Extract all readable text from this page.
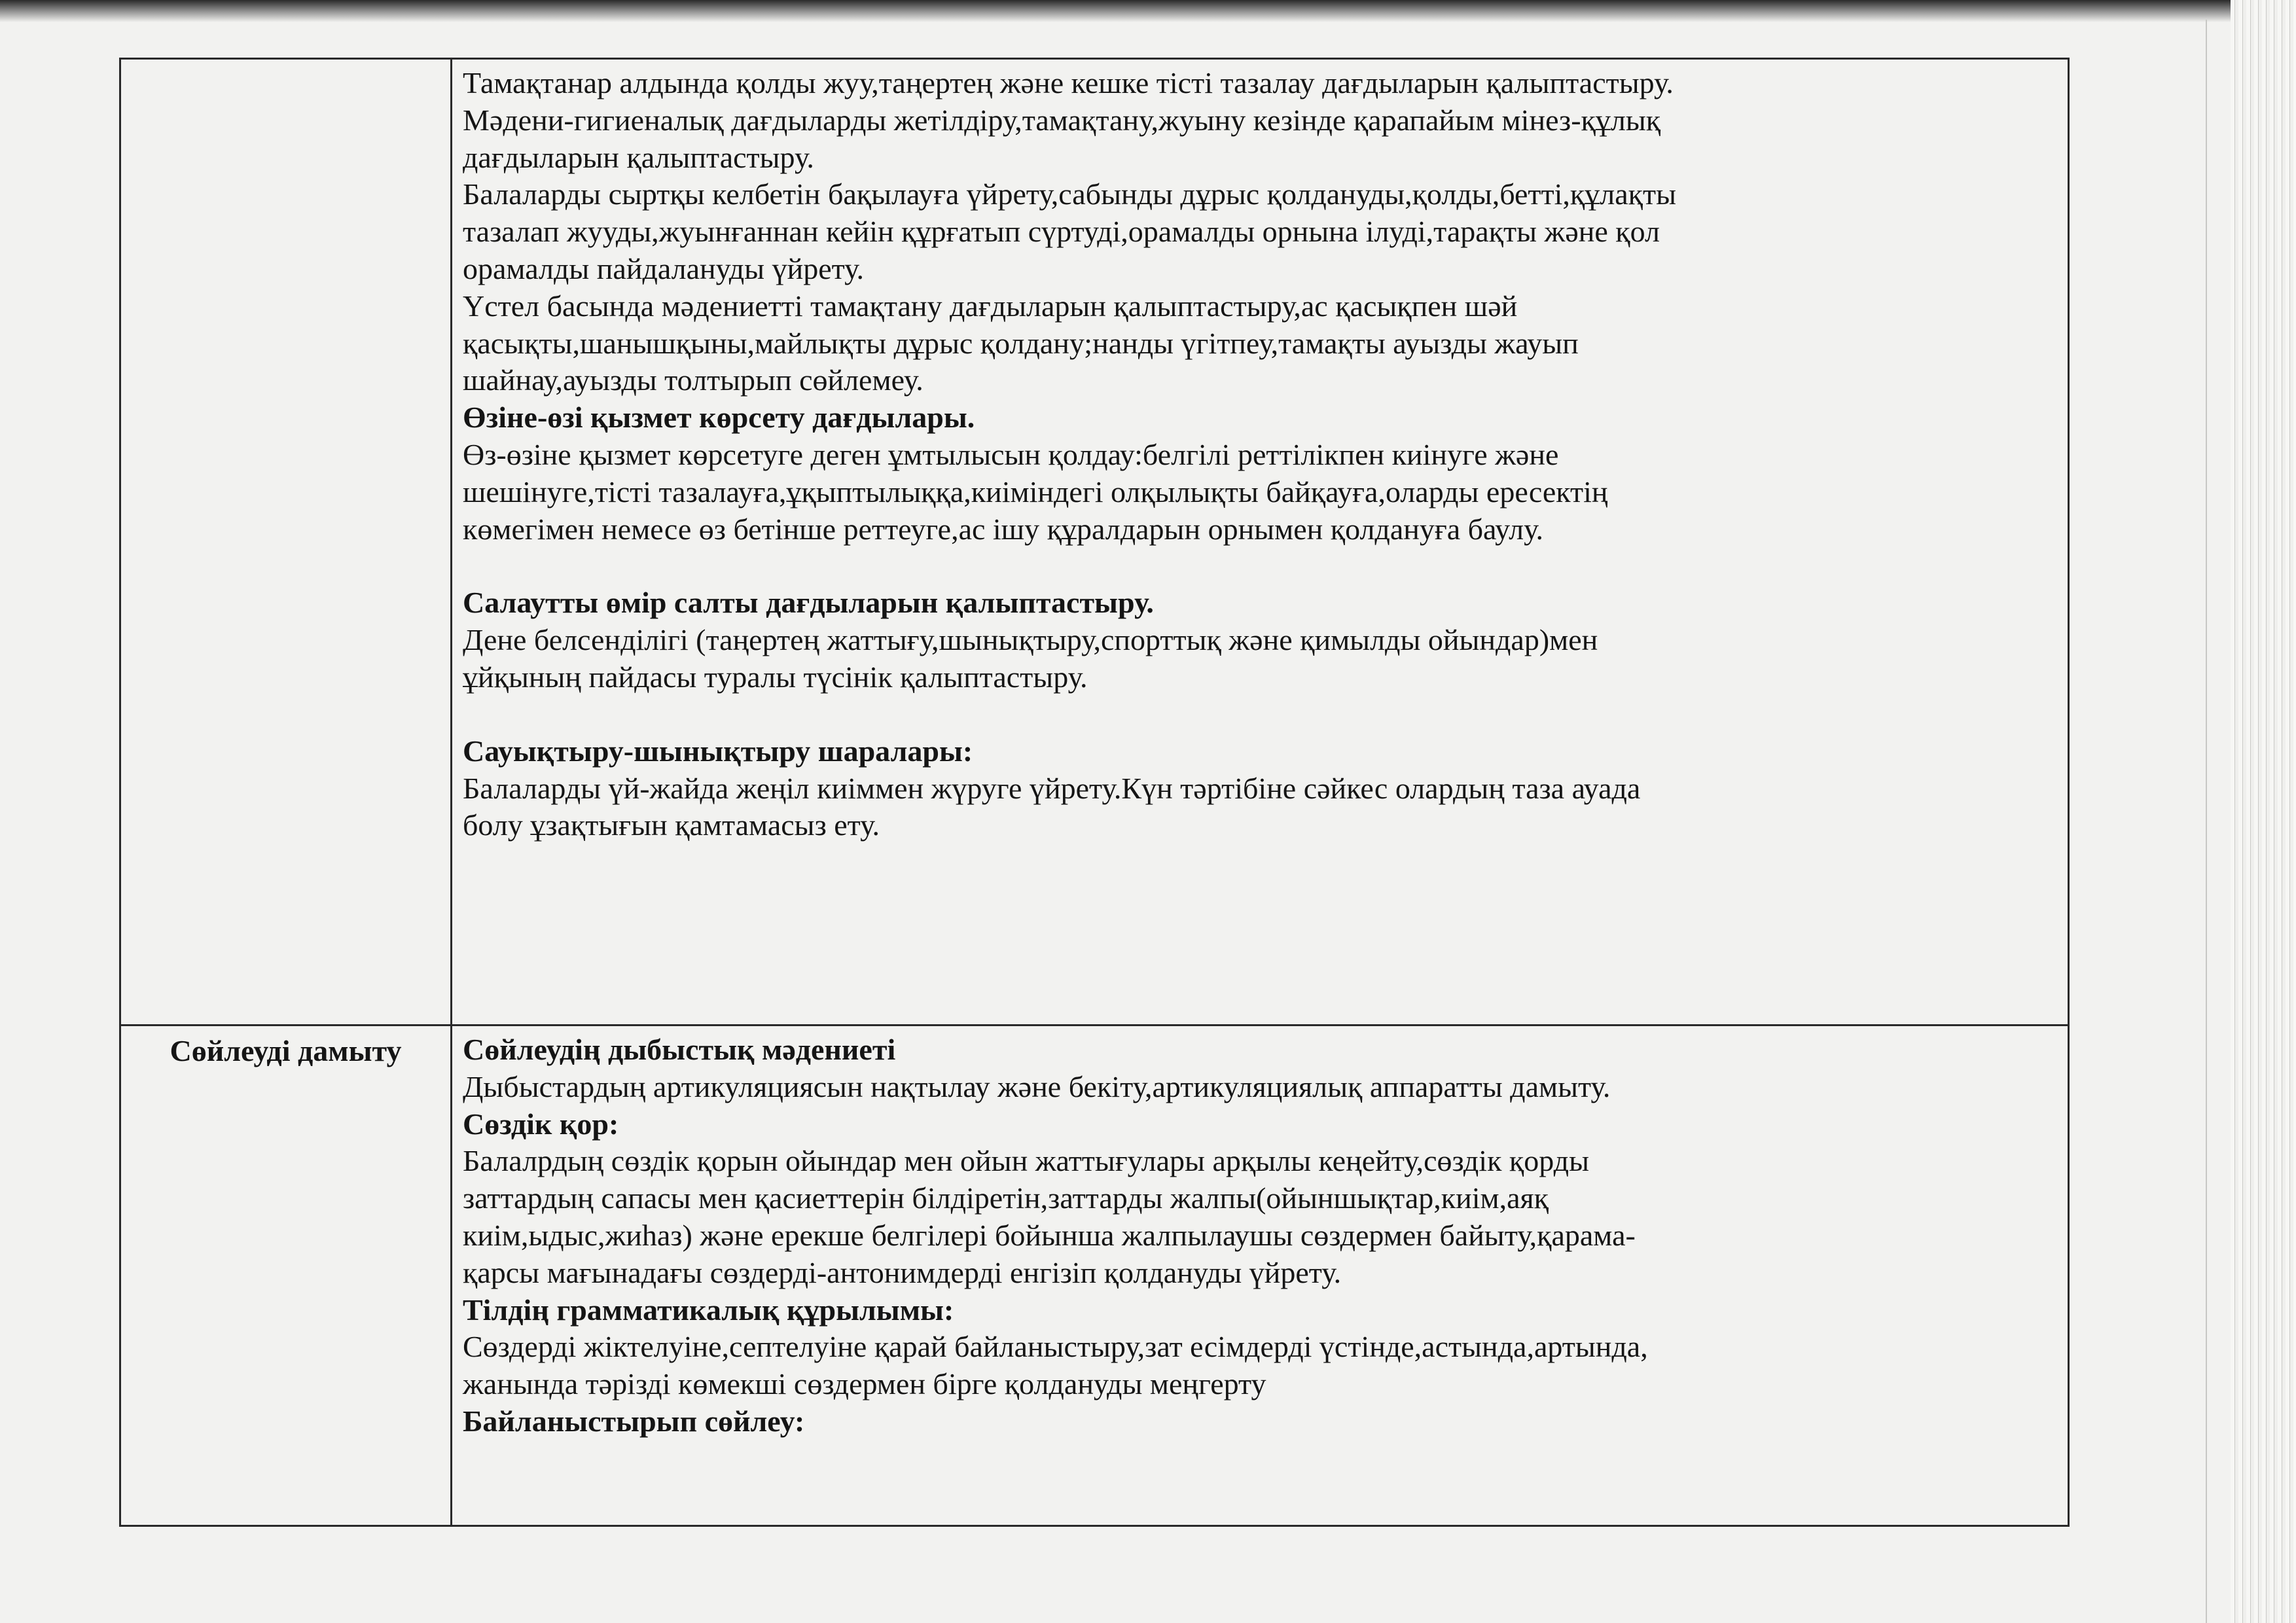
Тамақтанар алдында қолды жуу,таңертең және кешке тісті тазалау дағдыларын қалыптастыру.

Мәдени-гигиеналық дағдыларды жетілдіру,тамақтану,жуыну кезінде қарапайым мінез-құлық

дағдыларын қалыптастыру.

Балаларды сыртқы келбетін бақылауға үйрету,сабынды дұрыс қолдануды,қолды,бетті,құлақты

тазалап жууды,жуынғаннан кейін құрғатып сүртуді,орамалды орнына ілуді,тарақты және қол

орамалды пайдалануды үйрету.

Үстел басында мәдениетті тамақтану дағдыларын қалыптастыру,ас қасықпен шәй

қасықты,шанышқыны,майлықты дұрыс қолдану;нанды үгітпеу,тамақты ауызды жауып

шайнау,ауызды толтырып сөйлемеу.

Өзіне-өзі қызмет көрсету дағдылары.

Өз-өзіне қызмет көрсетуге деген ұмтылысын қолдау:белгілі реттілікпен киінуге және

шешінуге,тісті тазалауға,ұқыптылыққа,киіміндегі олқылықты байқауға,оларды ересектің

көмегімен немесе өз бетінше реттеуге,ас ішу құралдарын орнымен қолдануға баулу.

Салаутты өмір салты дағдыларын қалыптастыру.

Дене белсенділігі (таңертең жаттығу,шынықтыру,спорттық және қимылды ойындар)мен

ұйқының пайдасы туралы түсінік қалыптастыру.

Сауықтыру-шынықтыру шаралары:

Балаларды үй-жайда жеңіл киіммен жүруге үйрету.Күн тәртібіне сәйкес олардың таза ауада

болу ұзақтығын қамтамасыз ету.

Сөйлеуді дамыту	Сөйлеудің дыбыстық мәдениеті

Дыбыстардың артикуляциясын нақтылау және бекіту,артикуляциялық аппаратты дамыту.

Сөздік қор:

Балалрдың сөздік қорын ойындар мен ойын жаттығулары арқылы кеңейту,сөздік қорды

заттардың сапасы мен қасиеттерін білдіретін,заттарды жалпы(ойыншықтар,киім,аяқ

киім,ыдыс,жиһаз) және ерекше белгілері бойынша жалпылаушы сөздермен байыту,қарама-

қарсы мағынадағы сөздерді-антонимдерді енгізіп қолдануды үйрету.

Тілдің грамматикалық құрылымы:

Сөздерді жіктелуіне,септелуіне қарай байланыстыру,зат есімдерді үстінде,астында,артында,

жанында тәрізді көмекші сөздермен бірге қолдануды меңгерту

Байланыстырып сөйлеу:
